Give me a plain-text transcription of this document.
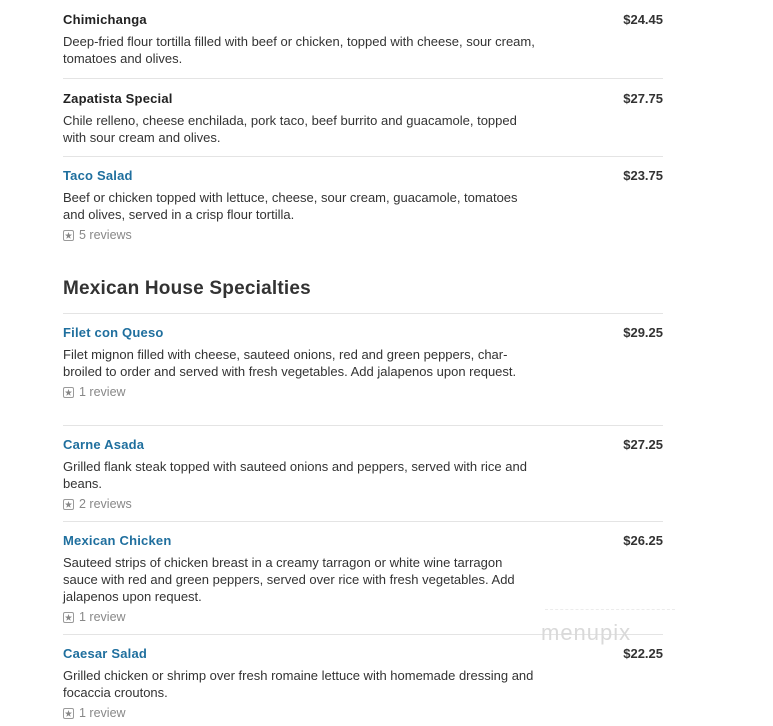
Chimichanga	$24.45
Deep-fried flour tortilla filled with beef or chicken, topped with cheese, sour cream, tomatoes and olives.
Zapatista Special	$27.75
Chile relleno, cheese enchilada, pork taco, beef burrito and guacamole, topped with sour cream and olives.
Taco Salad	$23.75
Beef or chicken topped with lettuce, cheese, sour cream, guacamole, tomatoes and olives, served in a crisp flour tortilla.
5 reviews
Mexican House Specialties
Filet con Queso	$29.25
Filet mignon filled with cheese, sauteed onions, red and green peppers, char-broiled to order and served with fresh vegetables. Add jalapenos upon request.
1 review
Carne Asada	$27.25
Grilled flank steak topped with sauteed onions and peppers, served with rice and beans.
2 reviews
Mexican Chicken	$26.25
Sauteed strips of chicken breast in a creamy tarragon or white wine tarragon sauce with red and green peppers, served over rice with fresh vegetables. Add jalapenos upon request.
1 review
Caesar Salad	$22.25
Grilled chicken or shrimp over fresh romaine lettuce with homemade dressing and focaccia croutons.
1 review
menupix
